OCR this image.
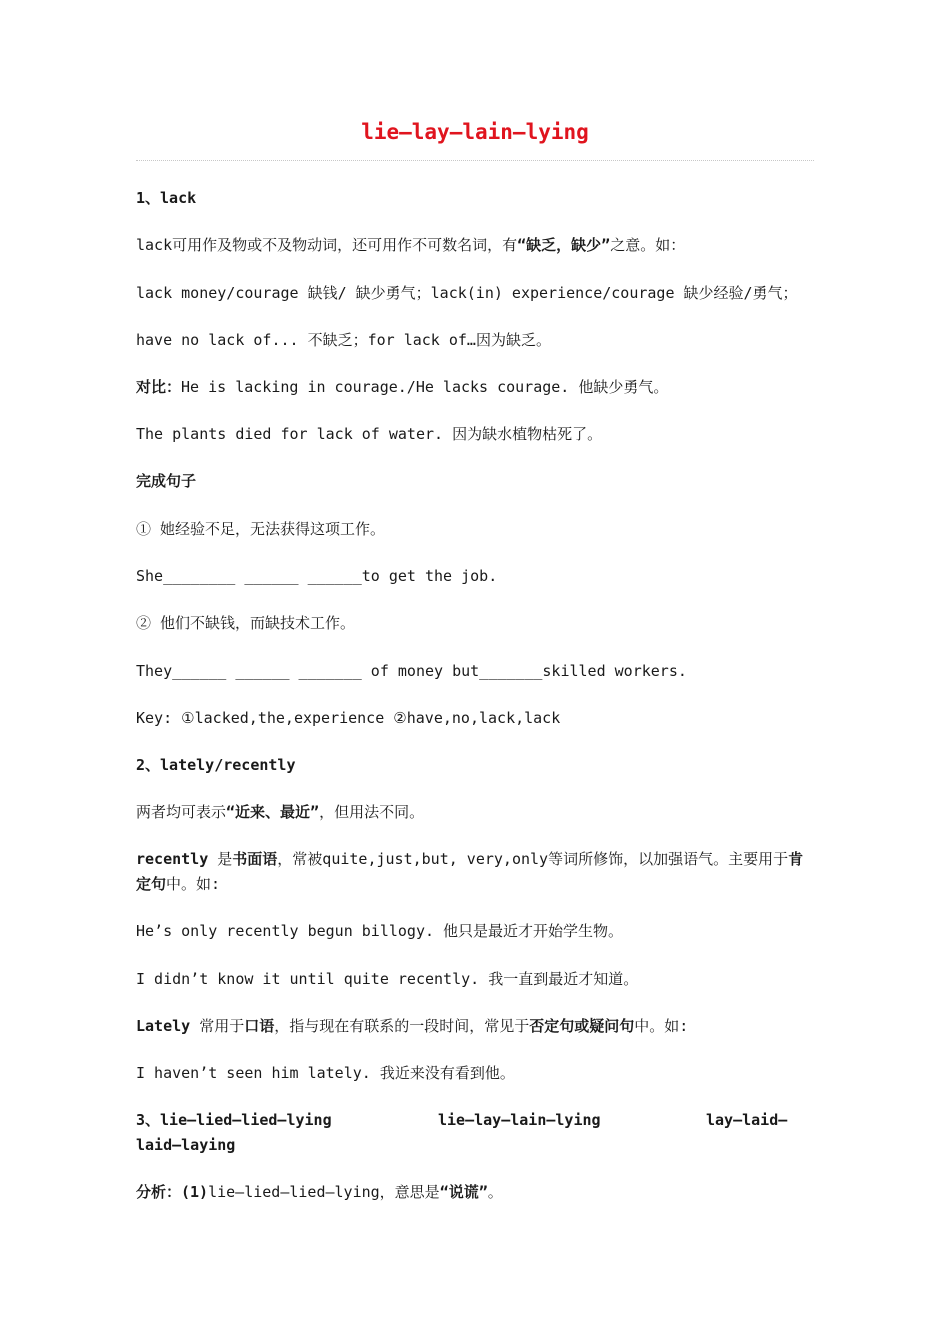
lie—lay—lain—lying
1、lack
lack可用作及物或不及物动词，还可用作不可数名词，有“缺乏，缺少”之意。如：
lack money/courage 缺钱/ 缺少勇气；lack(in) experience/courage 缺少经验/勇气；
have no lack of... 不缺乏；for lack of…因为缺乏。
对比：He is lacking in courage./He lacks courage. 他缺少勇气。
The plants died for lack of water. 因为缺水植物枯死了。
完成句子
① 她经验不足，无法获得这项工作。
She________ ______ ______to get the job.
② 他们不缺钱，而缺技术工作。
They______ ______ _______ of money but_______skilled workers.
Key: ①lacked,the,experience ②have,no,lack,lack
2、lately/recently
两者均可表示“近来、最近”，但用法不同。
recently 是书面语，常被quite,just,but, very,only等词所修饰，以加强语气。主要用于肯定句中。如:
He’s only recently begun billogy. 他只是最近才开始学生物。
I didn’t know it until quite recently. 我一直到最近才知道。
Lately 常用于口语，指与现在有联系的一段时间，常见于否定句或疑问句中。如:
I haven’t seen him lately. 我近来没有看到他。
3、lie—lied—lied—lying	lie—lay—lain—lying	lay—laid—
laid—laying
分析：(1)lie—lied—lied—lying，意思是“说谎”。
